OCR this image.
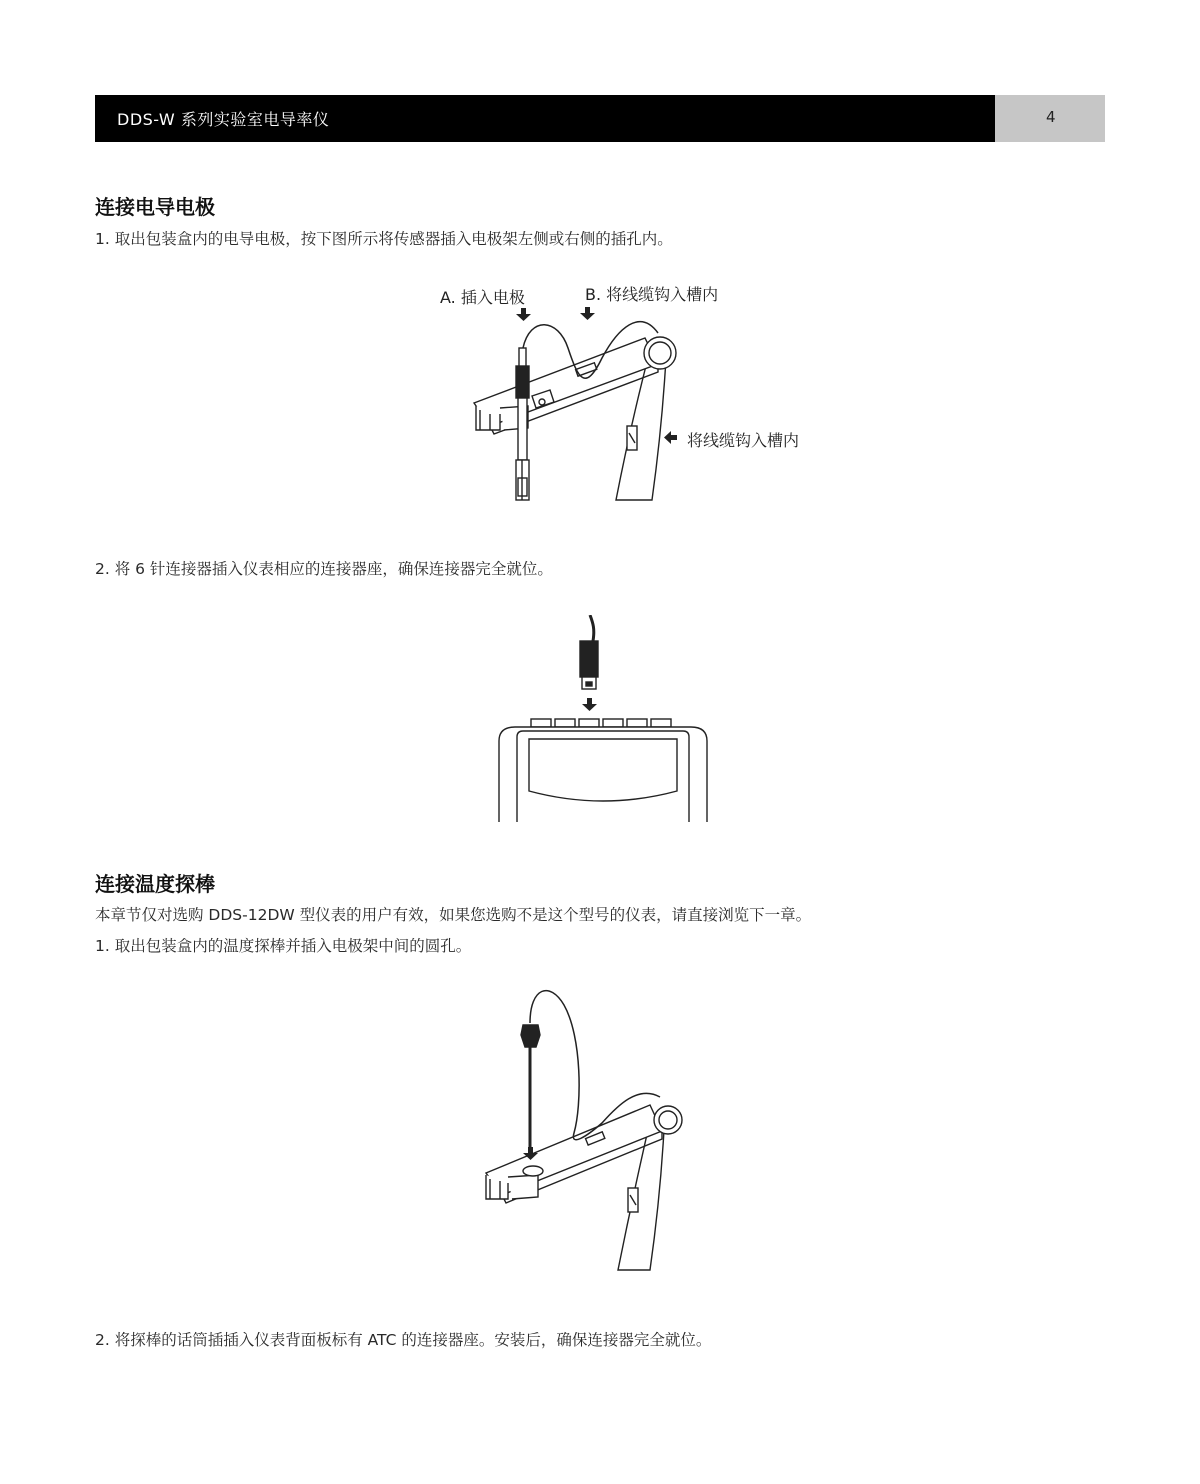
DDS-W 系列实验室电导率仪	4
连接电导电极
1. 取出包装盒内的电导电极，按下图所示将传感器插入电极架左侧或右侧的插孔内。
A. 插入电极	B. 将线缆钩入槽内
将线缆钩入槽内
2. 将 6 针连接器插入仪表相应的连接器座，确保连接器完全就位。
连接温度探棒
本章节仅对选购 DDS-12DW 型仪表的用户有效，如果您选购不是这个型号的仪表，请直接浏览下一章。
1. 取出包装盒内的温度探棒并插入电极架中间的圆孔。
2. 将探棒的话筒插插入仪表背面板标有 ATC 的连接器座。安装后，确保连接器完全就位。
